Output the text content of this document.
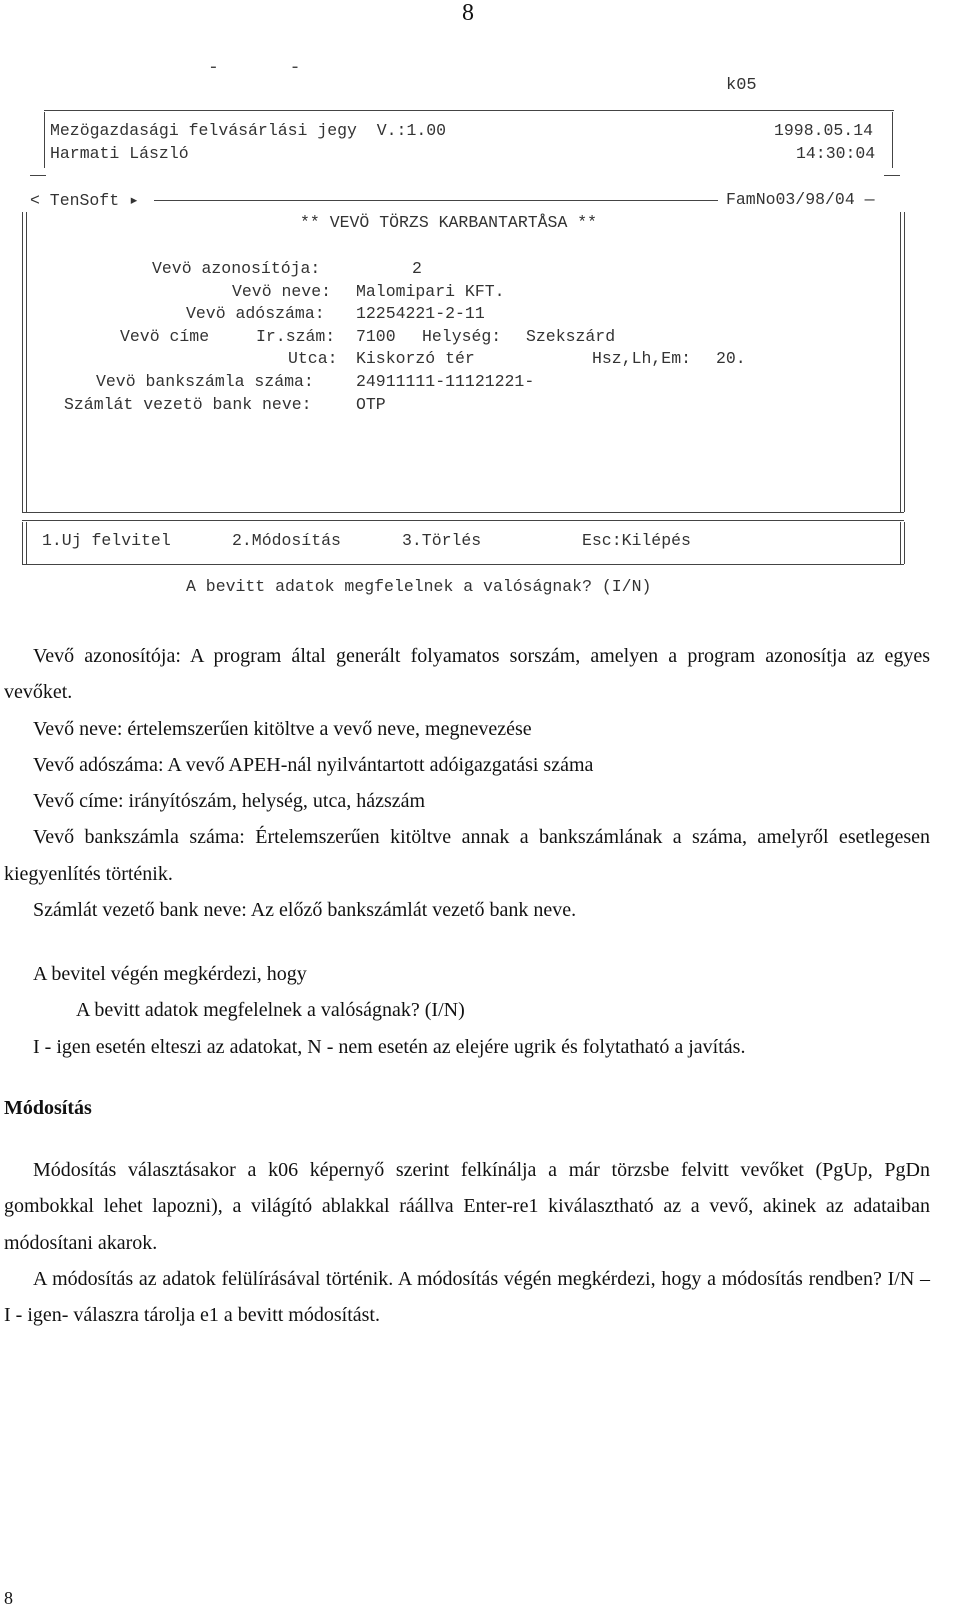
8
- -
k05
Mezögazdasági felvásárlási jegy  V.:1.00	1998.05.14
Harmati László	14:30:04
< TenSoft ▸	FamNo03/98/04 —
** VEVÖ TÖRZS KARBANTARTÅSA **
Vevö azonosítója:	2
Vevö neve: Malomipari KFT.
Vevö adószáma: 12254221-2-11
Vevö címe	Ir.szám: 7100 Helység: Szekszárd
Utca: Kiskorzó tér	Hsz,Lh,Em: 20.
Vevö bankszámla száma:	24911111-11121221-
Számlát vezetö bank neve:	OTP
1.Uj felvitel	2.Módosítás	3.Törlés	Esc:Kilépés
A bevitt adatok megfelelnek a valóságnak? (I/N)

Vevő azonosítója: A program által generált folyamatos sorszám, amelyen a program azonosítja az egyes vevőket.

Vevő neve: értelemszerűen kitöltve a vevő neve, megnevezése

Vevő adószáma: A vevő APEH-nál nyilvántartott adóigazgatási száma

Vevő címe: irányítószám, helység, utca, házszám

Vevő bankszámla száma: Értelemszerűen kitöltve annak a bankszámlának a száma, amelyről esetlegesen kiegyenlítés történik.

Számlát vezető bank neve: Az előző bankszámlát vezető bank neve.

A bevitel végén megkérdezi, hogy

A bevitt adatok megfelelnek a valóságnak? (I/N)

I - igen esetén elteszi az adatokat, N - nem esetén az elejére ugrik és folytatható a javítás.

Módosítás

Módosítás választásakor a k06 képernyő szerint felkínálja a már törzsbe felvitt vevőket (PgUp, PgDn gombokkal lehet lapozni), a világító ablakkal ráállva Enter-re1 kiválasztható az a vevő, akinek az adataiban módosítani akarok.

A módosítás az adatok felülírásával történik. A módosítás végén megkérdezi, hogy a módosítás rendben? I/N – I - igen- válaszra tárolja e1 a bevitt módosítást.

8
